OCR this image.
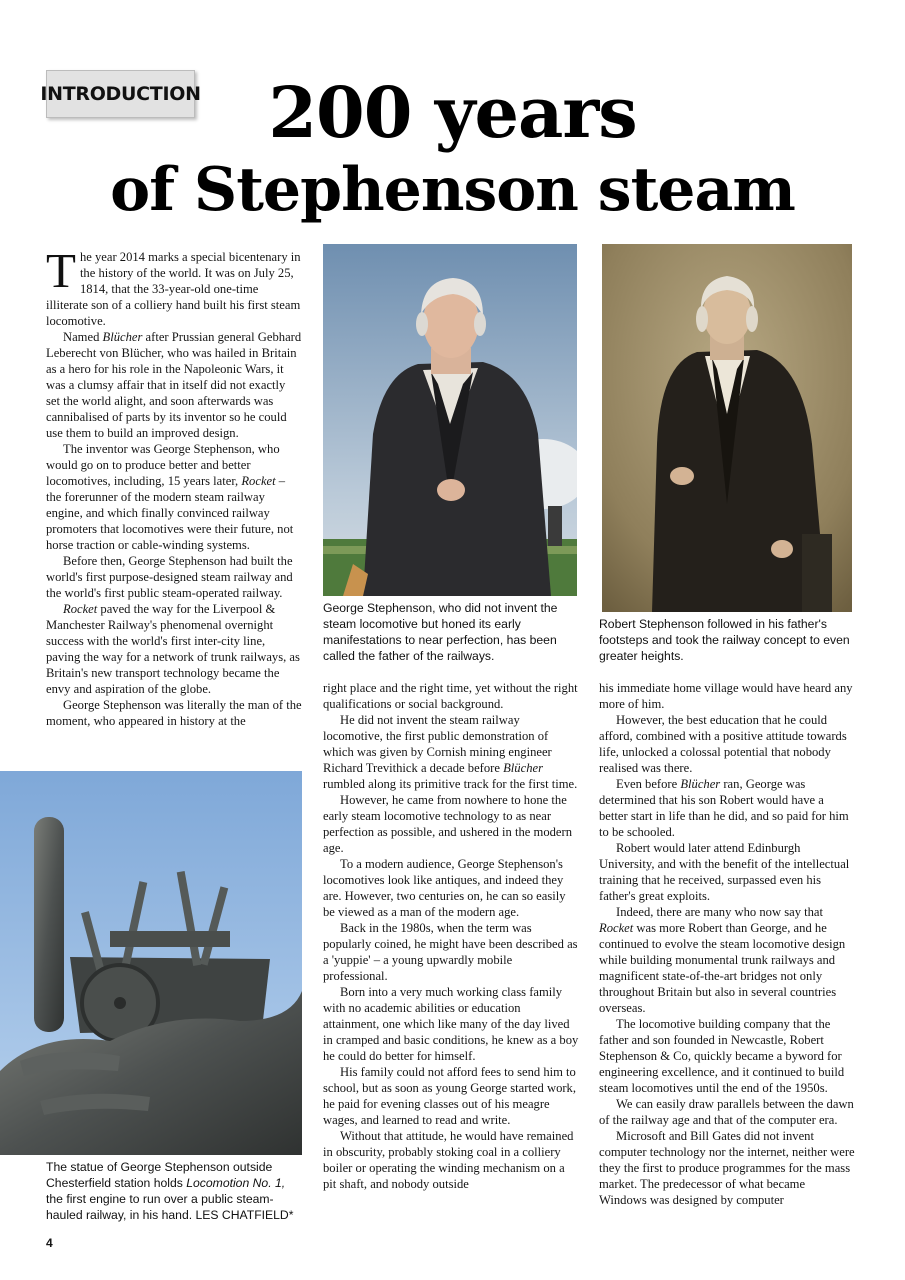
INTRODUCTION 200 years
of Stephenson steam

The year 2014 marks a special bicentenary in the history of the world. It was on July 25, 1814, that the 33-year-old one-time illiterate son of a colliery hand built his first steam locomotive.

Named Blücher after Prussian general Gebhard Leberecht von Blücher, who was hailed in Britain as a hero for his role in the Napoleonic Wars, it was a clumsy affair that in itself did not exactly set the world alight, and soon afterwards was cannibalised of parts by its inventor so he could use them to build an improved design.

The inventor was George Stephenson, who would go on to produce better and better locomotives, including, 15 years later, Rocket – the forerunner of the modern steam railway engine, and which finally convinced railway promoters that locomotives were their future, not horse traction or cable-winding systems.

Before then, George Stephenson had built the world's first purpose-designed steam railway and the world's first public steam-operated railway.

Rocket paved the way for the Liverpool & Manchester Railway's phenomenal overnight success with the world's first inter-city line, paving the way for a network of trunk railways, as Britain's new transport technology became the envy and aspiration of the globe.

George Stephenson was literally the man of the moment, who appeared in history at the

George Stephenson, who did not invent the steam locomotive but honed its early manifestations to near perfection, has been called the father of the railways.
Robert Stephenson followed in his father's footsteps and took the railway concept to even greater heights.

right place and the right time, yet without the right qualifications or social background.

He did not invent the steam railway locomotive, the first public demonstration of which was given by Cornish mining engineer Richard Trevithick a decade before Blücher rumbled along its primitive track for the first time.

However, he came from nowhere to hone the early steam locomotive technology to as near perfection as possible, and ushered in the modern age.

To a modern audience, George Stephenson's locomotives look like antiques, and indeed they are. However, two centuries on, he can so easily be viewed as a man of the modern age.

Back in the 1980s, when the term was popularly coined, he might have been described as a 'yuppie' – a young upwardly mobile professional.

Born into a very much working class family with no academic abilities or education attainment, one which like many of the day lived in cramped and basic conditions, he knew as a boy he could do better for himself.

His family could not afford fees to send him to school, but as soon as young George started work, he paid for evening classes out of his meagre wages, and learned to read and write.

Without that attitude, he would have remained in obscurity, probably stoking coal in a colliery boiler or operating the winding mechanism on a pit shaft, and nobody outside

his immediate home village would have heard any more of him.

However, the best education that he could afford, combined with a positive attitude towards life, unlocked a colossal potential that nobody realised was there.

Even before Blücher ran, George was determined that his son Robert would have a better start in life than he did, and so paid for him to be schooled.

Robert would later attend Edinburgh University, and with the benefit of the intellectual training that he received, surpassed even his father's great exploits.

Indeed, there are many who now say that Rocket was more Robert than George, and he continued to evolve the steam locomotive design while building monumental trunk railways and magnificent state-of-the-art bridges not only throughout Britain but also in several countries overseas.

The locomotive building company that the father and son founded in Newcastle, Robert Stephenson & Co, quickly became a byword for engineering excellence, and it continued to build steam locomotives until the end of the 1950s.

We can easily draw parallels between the dawn of the railway age and that of the computer era.

Microsoft and Bill Gates did not invent computer technology nor the internet, neither were they the first to produce programmes for the mass market. The predecessor of what became Windows was designed by computer

The statue of George Stephenson outside Chesterfield station holds Locomotion No. 1, the first engine to run over a public steam-hauled railway, in his hand. LES CHATFIELD*
4
